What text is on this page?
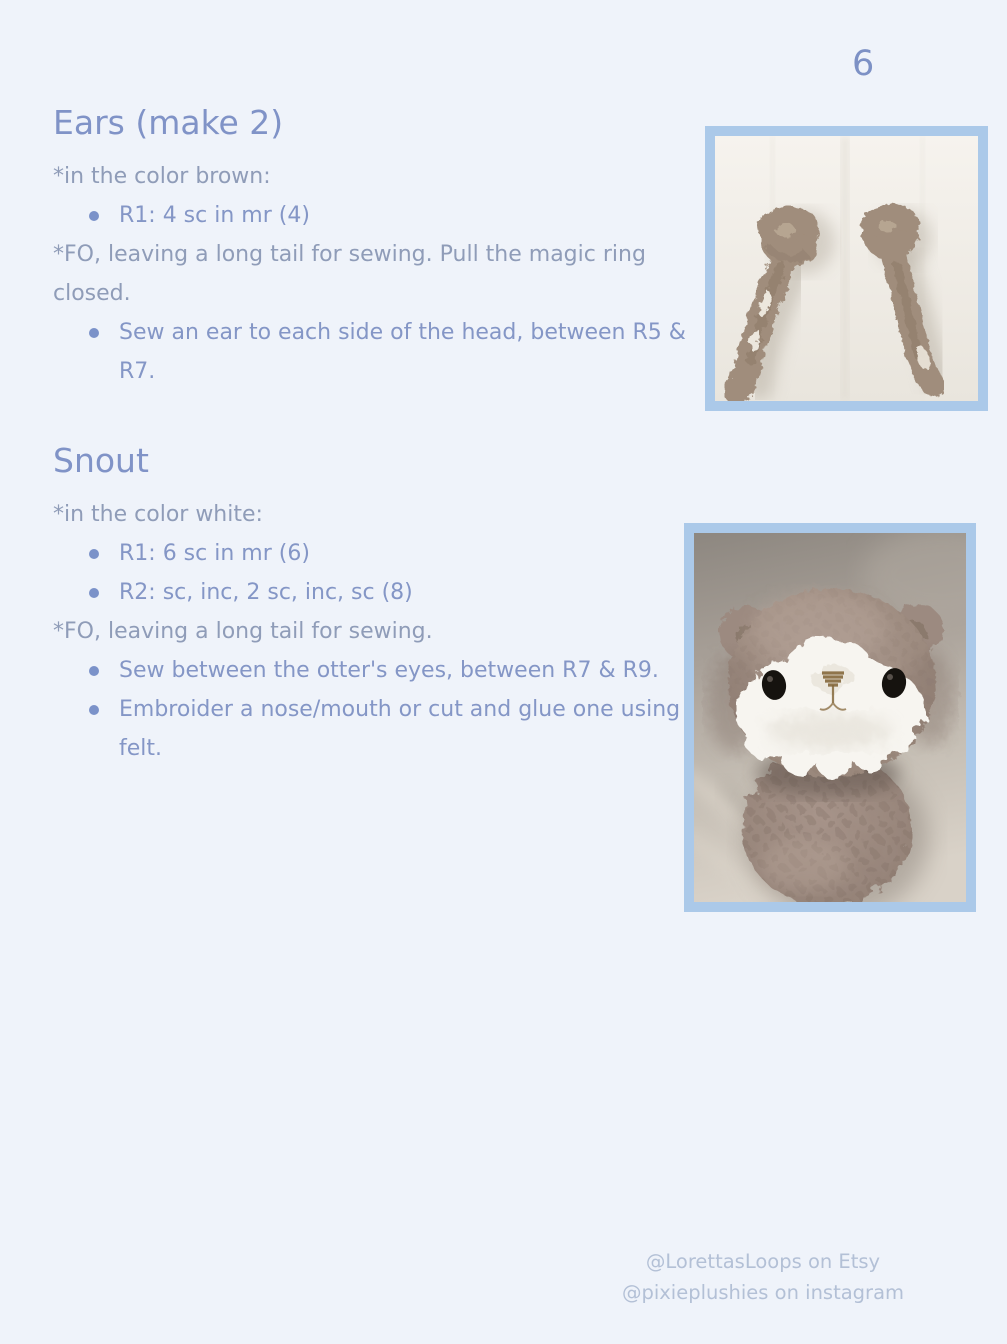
6
Ears (make 2)

*in the color brown:

R1: 4 sc in mr (4)

*FO, leaving a long tail for sewing. Pull the magic ring closed.

Sew an ear to each side of the head, between R5 & R7.
Snout

*in the color white:

R1: 6 sc in mr (6)
R2: sc, inc, 2 sc, inc, sc (8)

*FO, leaving a long tail for sewing.

Sew between the otter's eyes, between R7 & R9.
Embroider a nose/mouth or cut and glue one using felt.
@LorettasLoops on Etsy
@pixieplushies on instagram
